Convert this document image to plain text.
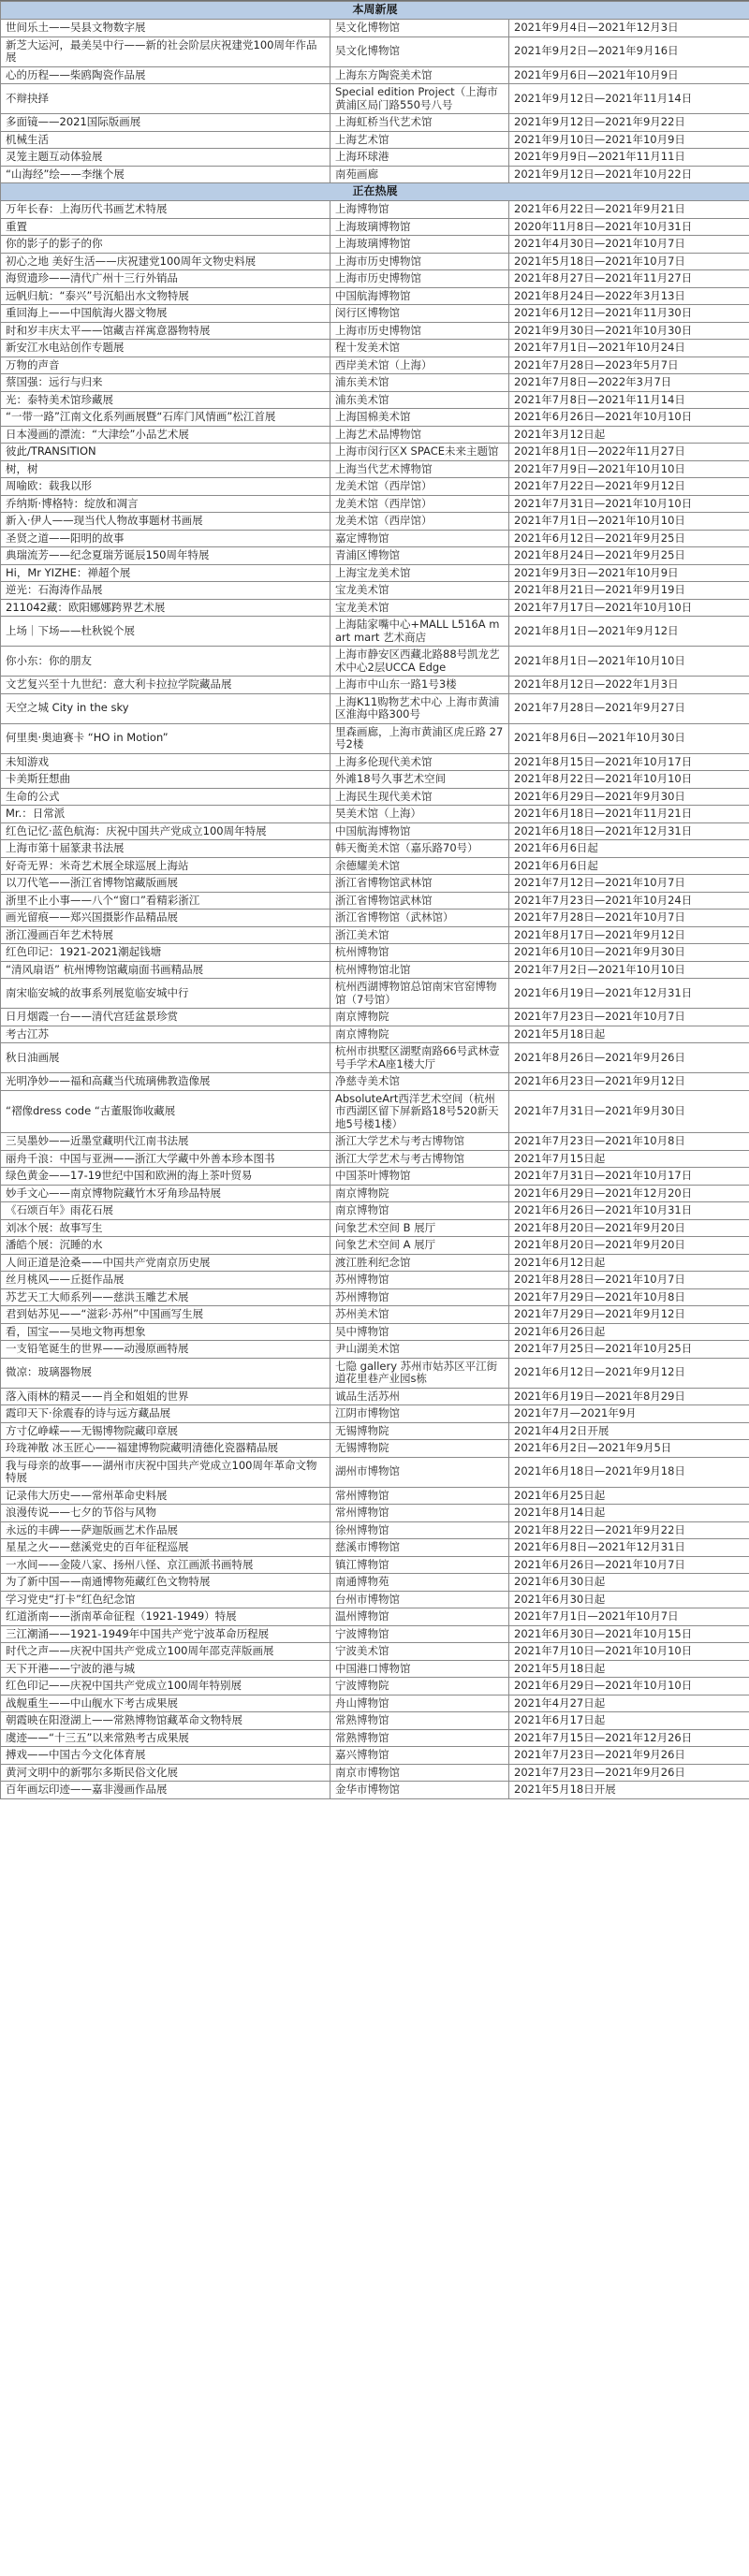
本周新展		
世间乐土——吴县文物数字展	吴文化博物馆	2021年9月4日—2021年12月3日
新芝大运河，最美吴中行——新的社会阶层庆祝建党100周年作品展	吴文化博物馆	2021年9月2日—2021年9月16日
心的历程——柴鸥陶瓷作品展	上海东方陶瓷美术馆	2021年9月6日—2021年10月9日
不辩抉择	Special edition Project（上海市黄浦区局门路550号八号	2021年9月12日—2021年11月14日
多面镜——2021国际版画展	上海虹桥当代艺术馆	2021年9月12日—2021年9月22日
机械生活	上海艺术馆	2021年9月10日—2021年10月9日
灵笼主题互动体验展	上海环球港	2021年9月9日—2021年11月11日
“山海经”绘——李继个展	南苑画廊	2021年9月12日—2021年10月22日
正在热展		
万年长春：上海历代书画艺术特展	上海博物馆	2021年6月22日—2021年9月21日
重置	上海玻璃博物馆	2020年11月8日—2021年10月31日
你的影子的影子的你	上海玻璃博物馆	2021年4月30日—2021年10月7日
初心之地 美好生活——庆祝建党100周年文物史料展	上海市历史博物馆	2021年5月18日—2021年10月7日
海贸遗珍——清代广州十三行外销品	上海市历史博物馆	2021年8月27日—2021年11月27日
远帆归航：“泰兴”号沉船出水文物特展	中国航海博物馆	2021年8月24日—2022年3月13日
重回海上——中国航海火器文物展	闵行区博物馆	2021年6月12日—2021年11月30日
时和岁丰庆太平——馆藏吉祥寓意器物特展	上海市历史博物馆	2021年9月30日—2021年10月30日
新安江水电站创作专题展	程十发美术馆	2021年7月1日—2021年10月24日
万物的声音	西岸美术馆（上海）	2021年7月28日—2023年5月7日
蔡国强：远行与归来	浦东美术馆	2021年7月8日—2022年3月7日
光：泰特美术馆珍藏展	浦东美术馆	2021年7月8日—2021年11月14日
“一带一路”江南文化系列画展暨“石库门风情画”松江首展	上海国棉美术馆	2021年6月26日—2021年10月10日
日本漫画的漂流：“大津绘”小品艺术展	上海艺术品博物馆	2021年3月12日起
彼此/TRANSITION	上海市闵行区X SPACE未来主题馆	2021年8月1日—2022年11月27日
树，树	上海当代艺术博物馆	2021年7月9日—2021年10月10日
周喻欧：载我以形	龙美术馆（西岸馆）	2021年7月22日—2021年9月12日
乔纳斯·博格特：绽放和凋言	龙美术馆（西岸馆）	2021年7月31日—2021年10月10日
新入·伊人——现当代人物故事题材书画展	龙美术馆（西岸馆）	2021年7月1日—2021年10月10日
圣贤之道——阳明的故事	嘉定博物馆	2021年6月12日—2021年9月25日
典瑞流芳——纪念夏瑞芳诞辰150周年特展	青浦区博物馆	2021年8月24日—2021年9月25日
Hi，Mr YIZHE：禅超个展	上海宝龙美术馆	2021年9月3日—2021年10月9日
逆光：石海涛作品展	宝龙美术馆	2021年8月21日—2021年9月19日
211042藏：欧阳娜娜跨界艺术展	宝龙美术馆	2021年7月17日—2021年10月10日
上场｜下场——杜秋锐个展	上海陆家嘴中心+MALL L516A mart mart 艺术商店	2021年8月1日—2021年9月12日
你小东：你的朋友	上海市静安区西藏北路88号凯龙艺术中心2层UCCA Edge	2021年8月1日—2021年10月10日
文艺复兴至十九世纪：意大利卡拉拉学院藏品展	上海市中山东一路1号3楼	2021年8月12日—2022年1月3日
天空之城 City in the sky	上海K11购物艺术中心 上海市黄浦区淮海中路300号	2021年7月28日—2021年9月27日
何里奥·奥迪赛卡 “HO in Motion”	里森画廊，上海市黄浦区虎丘路 27 号2楼	2021年8月6日—2021年10月30日
未知游戏	上海多伦现代美术馆	2021年8月15日—2021年10月17日
卡美斯狂想曲	外滩18号久事艺术空间	2021年8月22日—2021年10月10日
生命的公式	上海民生现代美术馆	2021年6月29日—2021年9月30日
Mr.：日常派	昊美术馆（上海）	2021年6月18日—2021年11月21日
红色记忆·蓝色航海：庆祝中国共产党成立100周年特展	中国航海博物馆	2021年6月18日—2021年12月31日
上海市第十届篆隶书法展	韩天衡美术馆（嘉乐路70号）	2021年6月6日起
好奇无界：米奇艺术展全球巡展上海站	余德耀美术馆	2021年6月6日起
以刀代笔——浙江省博物馆藏版画展	浙江省博物馆武林馆	2021年7月12日—2021年10月7日
浙里不止小事——八个“窗口”看精彩浙江	浙江省博物馆武林馆	2021年7月23日—2021年10月24日
画光留痕——郑兴国摄影作品精品展	浙江省博物馆（武林馆）	2021年7月28日—2021年10月7日
浙江漫画百年艺术特展	浙江美术馆	2021年8月17日—2021年9月12日
红色印记：1921-2021潮起钱塘	杭州博物馆	2021年6月10日—2021年9月30日
“清风扇语” 杭州博物馆藏扇面书画精品展	杭州博物馆北馆	2021年7月2日—2021年10月10日
南宋临安城的故事系列展览临安城中行	杭州西湖博物馆总馆南宋官窑博物馆（7号馆）	2021年6月19日—2021年12月31日
日月烟霞一台——清代宫廷盆景珍赏	南京博物院	2021年7月23日—2021年10月7日
考古江苏	南京博物院	2021年5月18日起
秋日油画展	杭州市拱墅区湖墅南路66号武林壹号手学术A座1楼大厅	2021年8月26日—2021年9月26日
光明净妙——福和高藏当代琉璃佛教造像展	净慈寺美术馆	2021年6月23日—2021年9月12日
“褶像dress code “古董服饰收藏展	AbsoluteArt西洋艺术空间（杭州市西湖区留下屏新路18号520新天地5号楼1楼）	2021年7月31日—2021年9月30日
三吴墨妙——近墨堂藏明代江南书法展	浙江大学艺术与考古博物馆	2021年7月23日—2021年10月8日
丽舟千浪：中国与亚洲——浙江大学藏中外善本珍本图书	浙江大学艺术与考古博物馆	2021年7月15日起
绿色黄金——17-19世纪中国和欧洲的海上茶叶贸易	中国茶叶博物馆	2021年7月31日—2021年10月17日
妙手文心——南京博物院藏竹木牙角珍品特展	南京博物院	2021年6月29日—2021年12月20日
《石颂百年》雨花石展	南京博物馆	2021年6月26日—2021年10月31日
刘冰个展：故事写生	问象艺术空间 B 展厅	2021年8月20日—2021年9月20日
潘皓个展：沉睡的水	问象艺术空间 A 展厅	2021年8月20日—2021年9月20日
人间正道是沧桑——中国共产党南京历史展	渡江胜利纪念馆	2021年6月12日起
丝月桃风——丘挺作品展	苏州博物馆	2021年8月28日—2021年10月7日
苏艺天工大师系列——慈洪玉雕艺术展	苏州博物馆	2021年7月29日—2021年10月8日
君到姑苏见——“滋彩·苏州”中国画写生展	苏州美术馆	2021年7月29日—2021年9月12日
看，国宝——吴地文物再想象	吴中博物馆	2021年6月26日起
一支铅笔诞生的世界——动漫原画特展	尹山湖美术馆	2021年7月25日—2021年10月25日
微凉：玻璃器物展	七隐 gallery 苏州市姑苏区平江街道花里巷产业园s栋	2021年6月12日—2021年9月12日
落入雨林的精灵——肖全和姐姐的世界	诚品生活苏州	2021年6月19日—2021年8月29日
霞印天下·徐震春的诗与远方藏品展	江阴市博物馆	2021年7月—2021年9月
方寸亿峥嵘——无锡博物院藏印章展	无锡博物院	2021年4月2日开展
玲珑神散 冰玉匠心——福建博物院藏明清德化瓷器精品展	无锡博物院	2021年6月2日—2021年9月5日
我与母亲的故事——湖州市庆祝中国共产党成立100周年革命文物特展	湖州市博物馆	2021年6月18日—2021年9月18日
记录伟大历史——常州革命史料展	常州博物馆	2021年6月25日起
浪漫传说——七夕的节俗与风物	常州博物馆	2021年8月14日起
永远的丰碑——萨迦版画艺术作品展	徐州博物馆	2021年8月22日—2021年9月22日
星星之火——慈溪党史的百年征程巡展	慈溪市博物馆	2021年6月8日—2021年12月31日
一水间——金陵八家、扬州八怪、京江画派书画特展	镇江博物馆	2021年6月26日—2021年10月7日
为了新中国——南通博物苑藏红色文物特展	南通博物苑	2021年6月30日起
学习党史“打卡”红色纪念馆	台州市博物馆	2021年6月30日起
红道浙南——浙南革命征程（1921-1949）特展	温州博物馆	2021年7月1日—2021年10月7日
三江潮涌——1921-1949年中国共产党宁波革命历程展	宁波博物馆	2021年6月30日—2021年10月15日
时代之声——庆祝中国共产党成立100周年邵克萍版画展	宁波美术馆	2021年7月10日—2021年10月10日
天下开港——宁波的港与城	中国港口博物馆	2021年5月18日起
红色印记——庆祝中国共产党成立100周年特别展	宁波博物院	2021年6月29日—2021年10月10日
战舰重生——中山舰水下考古成果展	舟山博物馆	2021年4月27日起
朝霞映在阳澄湖上——常熟博物馆藏革命文物特展	常熟博物馆	2021年6月17日起
虞迹——“十三五”以来常熟考古成果展	常熟博物馆	2021年7月15日—2021年12月26日
搏戏——中国古今文化体育展	嘉兴博物馆	2021年7月23日—2021年9月26日
黄河文明中的新鄂尔多斯民俗文化展	南京市博物馆	2021年7月23日—2021年9月26日
百年画坛印迹——嘉非漫画作品展	金华市博物馆	2021年5月18日开展
